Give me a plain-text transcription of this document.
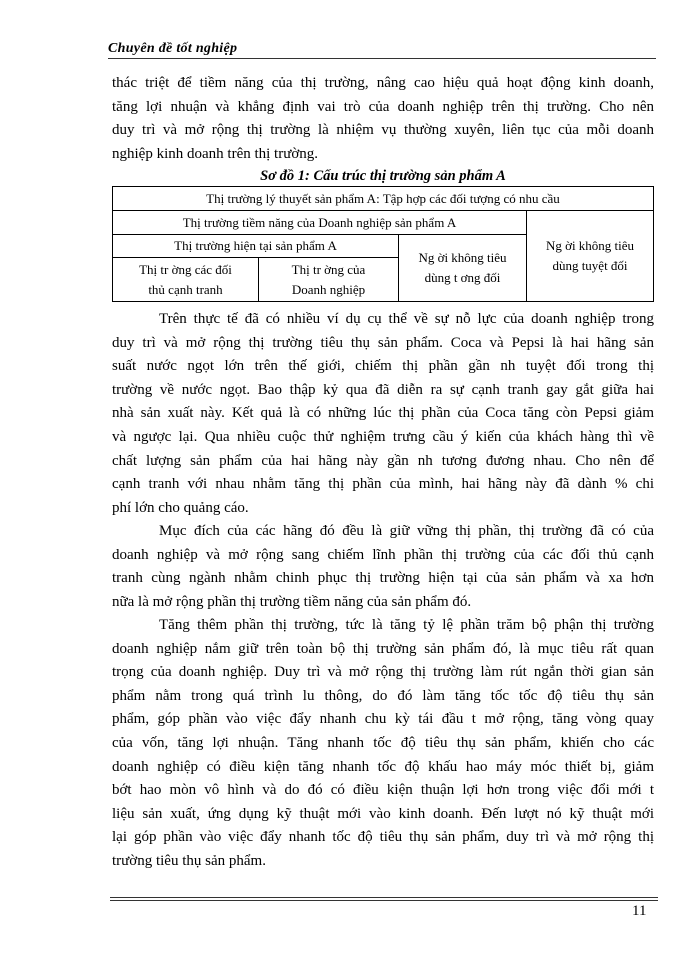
Chuyên đề tốt nghiệp
thác triệt để tiềm năng của thị trường, nâng cao hiệu quả hoạt động kinh doanh,
tăng lợi nhuận và khẳng định vai trò của doanh nghiệp trên thị trường. Cho nên
duy trì và mở rộng thị trường là nhiệm vụ thường xuyên, liên tục của mỗi doanh
nghiệp kinh doanh trên thị trường.
Sơ đồ 1: Cấu trúc thị trường sản phẩm A
Thị trường lý thuyết sản phẩm A: Tập hợp các đối tượng có nhu cầu
Thị trường tiềm năng của Doanh nghiệp sản phẩm A
Thị trường hiện tại sản phẩm A
Thị tr ờng các đối
thủ cạnh tranh
Thị tr ờng của
Doanh nghiệp
Ng ời không tiêu
dùng t ơng đối
Ng ời không tiêu
dùng tuyệt đối
Trên thực tế đã có nhiều ví dụ cụ thể về sự nỗ lực của doanh nghiệp trong
duy trì và mở rộng thị trường tiêu thụ sản phẩm. Coca và Pepsi là hai hãng sản
suất nước ngọt lớn trên thế giới, chiếm thị phần gần nh tuyệt đối trong thị
trường về nước ngọt. Bao thập kỷ qua đã diễn ra sự cạnh tranh gay gắt giữa hai
nhà sản xuất này. Kết quả là có những lúc thị phần của Coca tăng còn Pepsi giảm
và ngược lại. Qua nhiều cuộc thử nghiệm trưng cầu ý kiến của khách hàng thì về
chất lượng sản phẩm của hai hãng này gần nh tương đương nhau. Cho nên để
cạnh tranh với nhau nhằm tăng thị phần của mình, hai hãng này đã dành % chi
phí lớn cho quảng cáo.
Mục đích của các hãng đó đều là giữ vững thị phần, thị trường đã có của
doanh nghiệp và mở rộng sang chiếm lĩnh phần thị trường của các đối thủ cạnh
tranh cùng ngành nhằm chinh phục thị trường hiện tại của sản phẩm và xa hơn
nữa là mở rộng phần thị trường tiềm năng của sản phẩm đó.
Tăng thêm phần thị trường, tức là tăng tỷ lệ phần trăm bộ phận thị trường
doanh nghiệp nắm giữ trên toàn bộ thị trường sản phẩm đó, là mục tiêu rất quan
trọng của doanh nghiệp. Duy trì và mở rộng thị trường làm rút ngắn thời gian sản
phẩm nằm trong quá trình lu thông, do đó làm tăng tốc tốc độ tiêu thụ sản
phẩm, góp phần vào việc đẩy nhanh chu kỳ tái đầu t mở rộng, tăng vòng quay
của vốn, tăng lợi nhuận. Tăng nhanh tốc độ tiêu thụ sản phẩm, khiến cho các
doanh nghiệp có điều kiện tăng nhanh tốc độ khấu hao máy móc thiết bị, giảm
bớt hao mòn vô hình và do đó có điều kiện thuận lợi hơn trong việc đổi mới t
liệu sản xuất, ứng dụng kỹ thuật mới vào kinh doanh. Đến lượt nó kỹ thuật mới
lại góp phần vào việc đẩy nhanh tốc độ tiêu thụ sản phẩm, duy trì và mở rộng thị
trường tiêu thụ sản phẩm.
11
